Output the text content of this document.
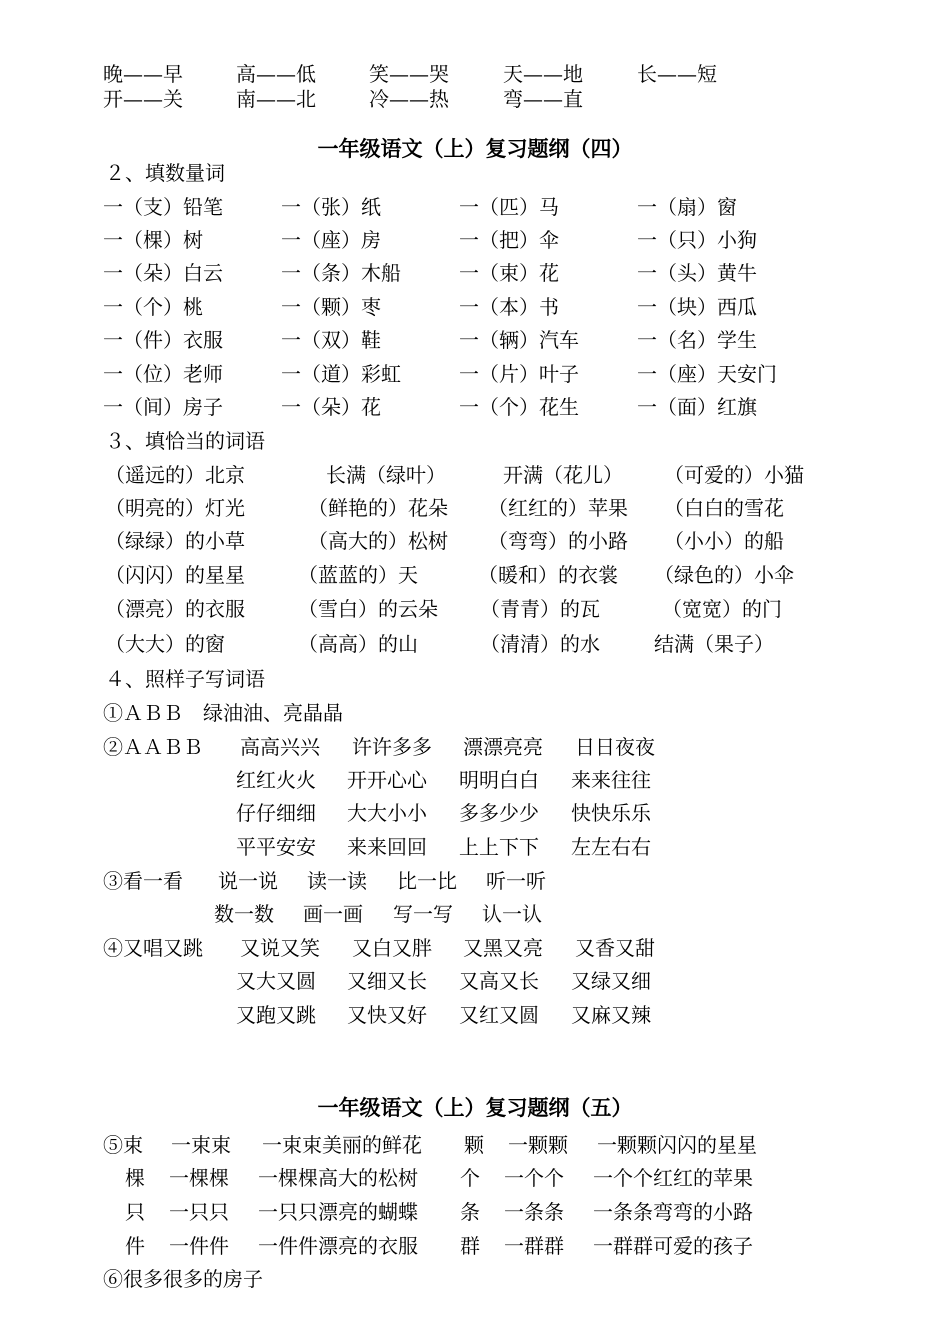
晚——早	高——低	笑——哭	天——地	长——短
开——关	南——北	冷——热	弯——直
一年级语文（上）复习题纲（四）
２、填数量词
一（支）铅笔	一（张）纸	一（匹）马	一（扇）窗
一（棵）树	一（座）房	一（把）伞	一（只）小狗
一（朵）白云	一（条）木船	一（束）花	一（头）黄牛
一（个）桃	一（颗）枣	一（本）书	一（块）西瓜
一（件）衣服	一（双）鞋	一（辆）汽车	一（名）学生
一（位）老师	一（道）彩虹	一（片）叶子	一（座）天安门
一（间）房子	一（朵）花	一（个）花生	一（面）红旗
３、填恰当的词语
（遥远的）北京	长满（绿叶）	开满（花儿） （可爱的）小猫
（明亮的）灯光	（鲜艳的）花朵 （红红的）苹果 （白白的雪花
（绿绿）的小草	（高大的）松树 （弯弯）的小路 （小小）的船
（闪闪）的星星	（蓝蓝的）天	（暖和）的衣裳 （绿色的）小伞
（漂亮）的衣服	（雪白）的云朵 （青青）的瓦	（宽宽）的门
（大大）的窗	（高高）的山	（清清）的水	结满（果子）
４、照样子写词语
①ＡＢＢ　绿油油、亮晶晶
②ＡＡＢＢ 高高兴兴 许许多多 漂漂亮亮 日日夜夜
红红火火 开开心心 明明白白 来来往往
仔仔细细 大大小小 多多少少 快快乐乐
平平安安 来来回回 上上下下 左左右右
③看一看 说一说 读一读 比一比 听一听
数一数 画一画 写一写 认一认
④又唱又跳 又说又笑 又白又胖 又黑又亮 又香又甜
又大又圆 又细又长 又高又长 又绿又细
又跑又跳 又快又好 又红又圆 又麻又辣
一年级语文（上）复习题纲（五）
⑤束 一束束 一束束美丽的鲜花 颗 一颗颗 一颗颗闪闪的星星
棵 一棵棵 一棵棵高大的松树 个 一个个 一个个红红的苹果
只 一只只 一只只漂亮的蝴蝶 条 一条条 一条条弯弯的小路
件 一件件 一件件漂亮的衣服 群 一群群 一群群可爱的孩子
⑥很多很多的房子
